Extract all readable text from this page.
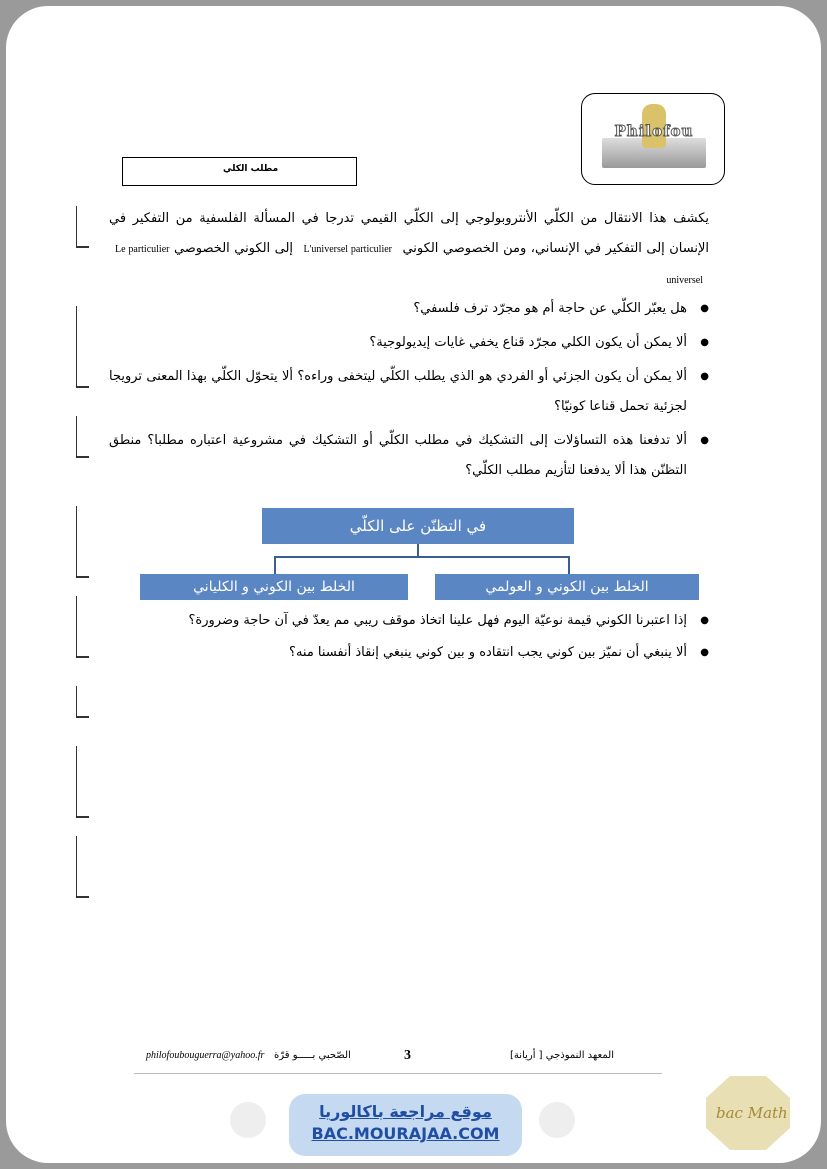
Philofou
مطلب الكلي
يكشف هذا الانتقال من الكلّي الأنتروبولوجي إلى الكلّي القيمي تدرجا في المسألة الفلسفية من التفكير في الإنسان إلى التفكير في الإنساني، ومن الخصوصي الكوني L'universel particulier إلى الكوني الخصوصي Le particulier universel
● هل يعبّر الكلّي عن حاجة أم هو مجرّد ترف فلسفي؟
● ألا يمكن أن يكون الكلي مجرّد قناع يخفي غايات إيديولوجية؟
● ألا يمكن أن يكون الجزئي أو الفردي هو الذي يطلب الكلّي ليتخفى وراءه؟ ألا يتحوّل الكلّي بهذا المعنى ترويجا لجزئية تحمل قناعا كونيّا؟
● ألا تدفعنا هذه التساؤلات إلى التشكيك في مطلب الكلّي أو التشكيك في مشروعية اعتباره مطلبا؟ منطق التظنّن هذا ألا يدفعنا لتأزيم مطلب الكلّي؟
في التظنّن على الكلّي
الخلط بين الكوني و الكلياني	الخلط بين الكوني و العولمي
● إذا اعتبرنا الكوني قيمة نوعيّة اليوم فهل علينا اتخاذ موقف ريبي مم يعدّ في آن حاجة وضرورة؟
● ألا ينبغي أن نميّز بين كوني يجب انتقاده و بين كوني ينبغي إنقاذ أنفسنا منه؟
philofoubouguerra@yahoo.fr الصّحبي بـــــو قرّة	3	المعهد النموذجي [ أريانة]
موقع مراجعة باكالوريا
BAC.MOURAJAA.COM
bac Math
